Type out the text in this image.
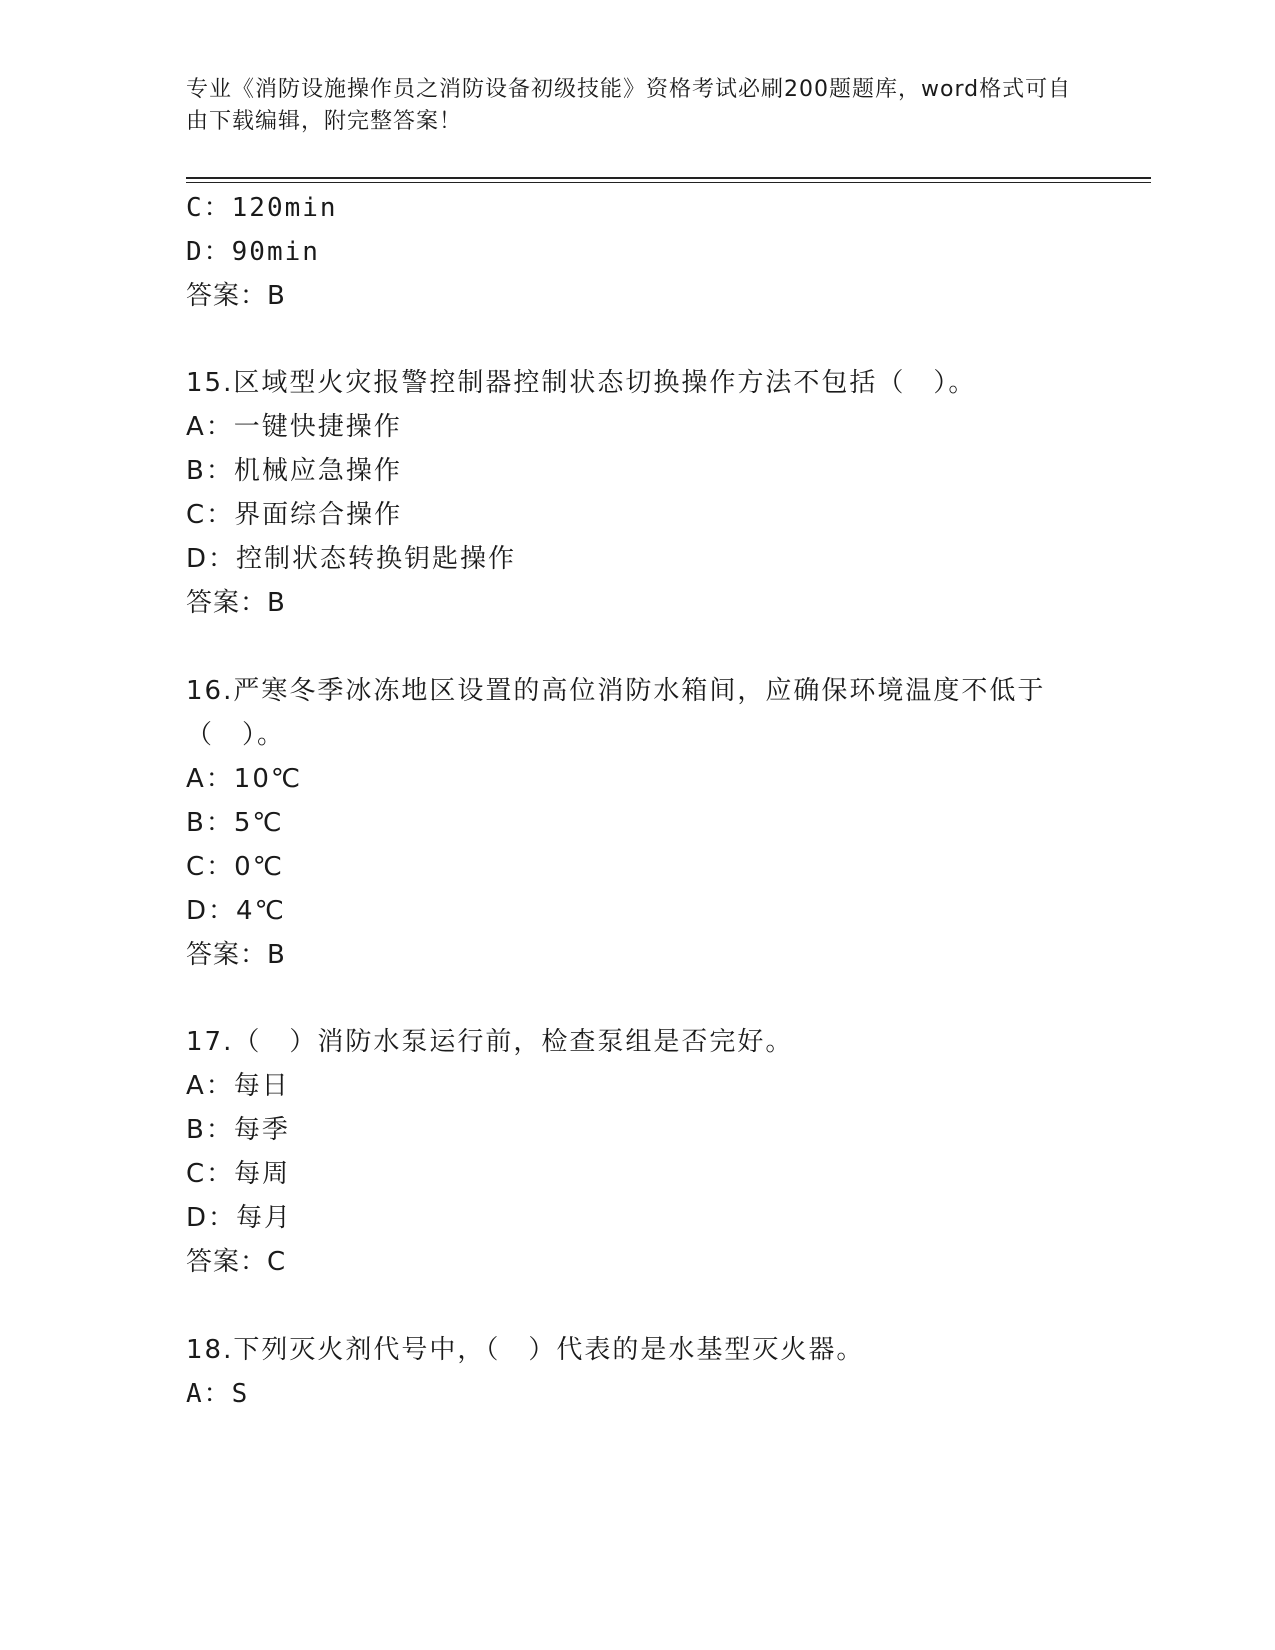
专业《消防设施操作员之消防设备初级技能》资格考试必刷200题题库，word格式可自由下载编辑，附完整答案！
C：120min
D：90min
答案：B
15.区域型火灾报警控制器控制状态切换操作方法不包括（　）。
A：一键快捷操作
B：机械应急操作
C：界面综合操作
D：控制状态转换钥匙操作
答案：B
16.严寒冬季冰冻地区设置的高位消防水箱间，应确保环境温度不低于
（　）。
A：10℃
B：5℃
C：0℃
D：4℃
答案：B
17.（　）消防水泵运行前，检查泵组是否完好。
A：每日
B：每季
C：每周
D：每月
答案：C
18.下列灭火剂代号中，（　）代表的是水基型灭火器。
A：S
